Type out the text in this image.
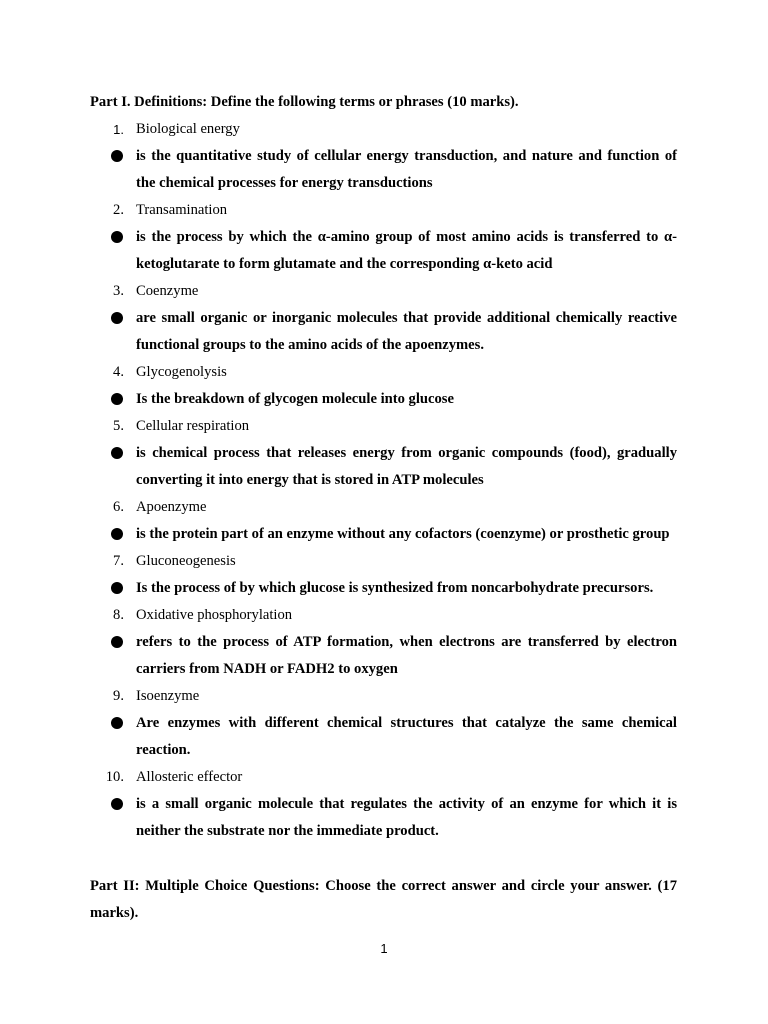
Part I. Definitions: Define the following terms or phrases (10 marks).
1. Biological energy
is the quantitative study of cellular energy transduction, and nature and function of the chemical processes for energy transductions
2. Transamination
is the process by which the α-amino group of most amino acids is transferred to α-ketoglutarate to form glutamate and the corresponding α-keto acid
3. Coenzyme
are small organic or inorganic molecules that provide additional chemically reactive functional groups to the amino acids of the apoenzymes.
4. Glycogenolysis
Is the breakdown of glycogen molecule into glucose
5. Cellular respiration
is chemical process that releases energy from organic compounds (food), gradually converting it into energy that is stored in ATP molecules
6. Apoenzyme
is the protein part of an enzyme without any cofactors (coenzyme) or prosthetic group
7. Gluconeogenesis
Is the process of by which glucose is synthesized from noncarbohydrate precursors.
8. Oxidative phosphorylation
refers to the process of ATP formation, when electrons are transferred by electron carriers from NADH or FADH2 to oxygen
9. Isoenzyme
Are enzymes with different chemical structures that catalyze the same chemical reaction.
10. Allosteric effector
is a small organic molecule that regulates the activity of an enzyme for which it is neither the substrate nor the immediate product.
Part II: Multiple Choice Questions: Choose the correct answer and circle your answer. (17 marks).
1
